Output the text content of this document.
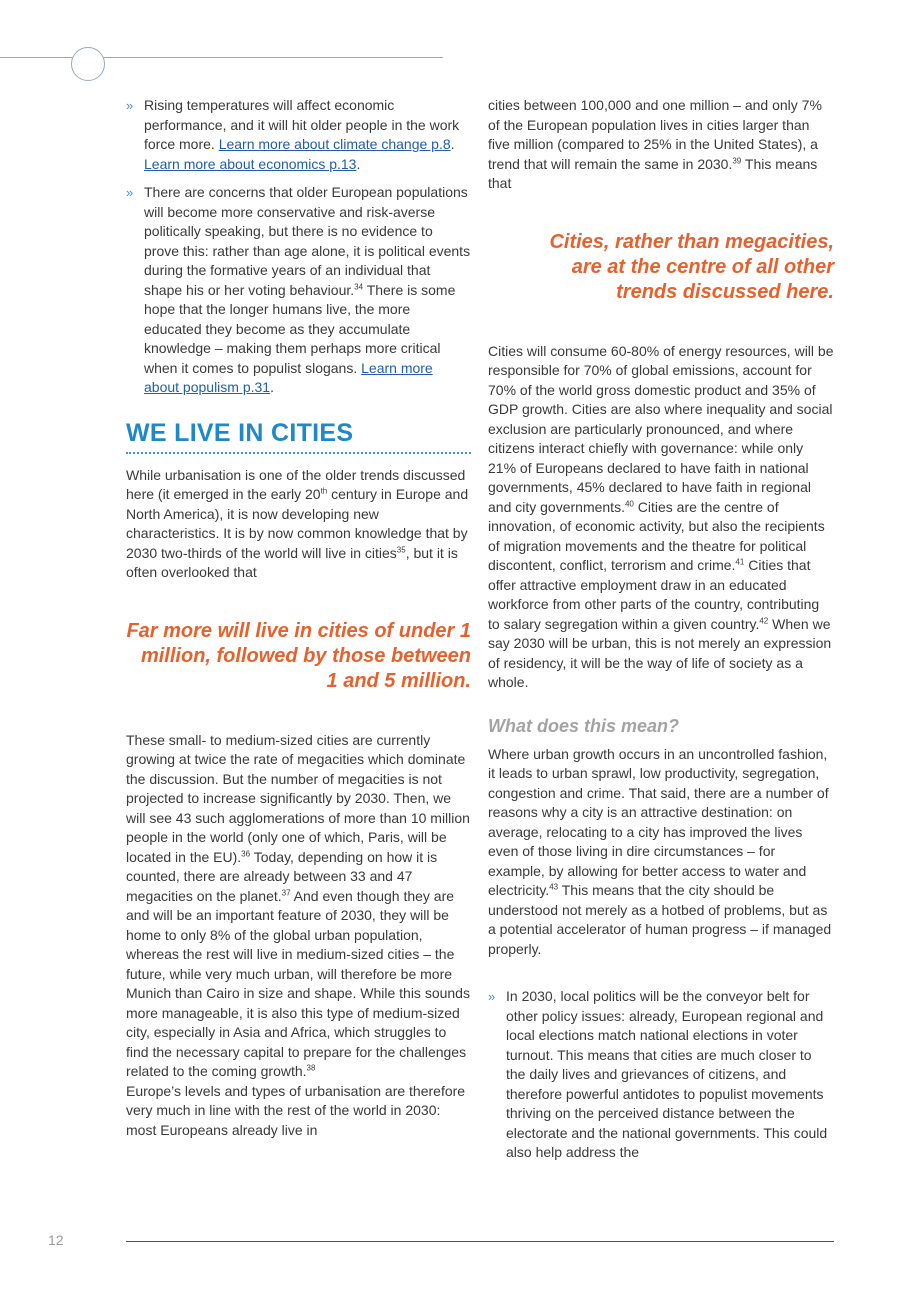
» Rising temperatures will affect economic performance, and it will hit older people in the work force more. Learn more about climate change p.8. Learn more about economics p.13.
» There are concerns that older European populations will become more conservative and risk-averse politically speaking, but there is no evidence to prove this: rather than age alone, it is political events during the formative years of an individual that shape his or her voting behaviour.$^{34}$ There is some hope that the longer humans live, the more educated they become as they accumulate knowledge – making them perhaps more critical when it comes to populist slogans. Learn more about populism p.31.
WE LIVE IN CITIES

While urbanisation is one of the older trends discussed here (it emerged in the early 20th century in Europe and North America), it is now developing new characteristics. It is by now common knowledge that by 2030 two-thirds of the world will live in cities$^{35}$, but it is often overlooked that

Far more will live in cities of under 1 million, followed by those between 1 and 5 million.

These small- to medium-sized cities are currently growing at twice the rate of megacities which dominate the discussion. But the number of megacities is not projected to increase significantly by 2030. Then, we will see 43 such agglomerations of more than 10 million people in the world (only one of which, Paris, will be located in the EU).$^{36}$ Today, depending on how it is counted, there are already between 33 and 47 megacities on the planet.$^{37}$ And even though they are and will be an important feature of 2030, they will be home to only 8% of the global urban population, whereas the rest will live in medium-sized cities – the future, while very much urban, will therefore be more Munich than Cairo in size and shape. While this sounds more manageable, it is also this type of medium-sized city, especially in Asia and Africa, which struggles to find the necessary capital to prepare for the challenges related to the coming growth.$^{38}$

Europe’s levels and types of urbanisation are therefore very much in line with the rest of the world in 2030: most Europeans already live in

cities between 100,000 and one million – and only 7% of the European population lives in cities larger than five million (compared to 25% in the United States), a trend that will remain the same in 2030.39 This means that

Cities, rather than megacities, are at the centre of all other trends discussed here.

Cities will consume 60-80% of energy resources, will be responsible for 70% of global emissions, account for 70% of the world gross domestic product and 35% of GDP growth. Cities are also where inequality and social exclusion are particularly pronounced, and where citizens interact chiefly with governance: while only 21% of Europeans declared to have faith in national governments, 45% declared to have faith in regional and city governments.$^{40}$ Cities are the centre of innovation, of economic activity, but also the recipients of migration movements and the theatre for political discontent, conflict, terrorism and crime.$^{41}$ Cities that offer attractive employment draw in an educated workforce from other parts of the country, contributing to salary segregation within a given country.$^{42}$ When we say 2030 will be urban, this is not merely an expression of residency, it will be the way of life of society as a whole.

What does this mean?

Where urban growth occurs in an uncontrolled fashion, it leads to urban sprawl, low productivity, segregation, congestion and crime. That said, there are a number of reasons why a city is an attractive destination: on average, relocating to a city has improved the lives even of those living in dire circumstances – for example, by allowing for better access to water and electricity.$^{43}$ This means that the city should be understood not merely as a hotbed of problems, but as a potential accelerator of human progress – if managed properly.

» In 2030, local politics will be the conveyor belt for other policy issues: already, European regional and local elections match national elections in voter turnout. This means that cities are much closer to the daily lives and grievances of citizens, and therefore powerful antidotes to populist movements thriving on the perceived distance between the electorate and the national governments. This could also help address the
12
